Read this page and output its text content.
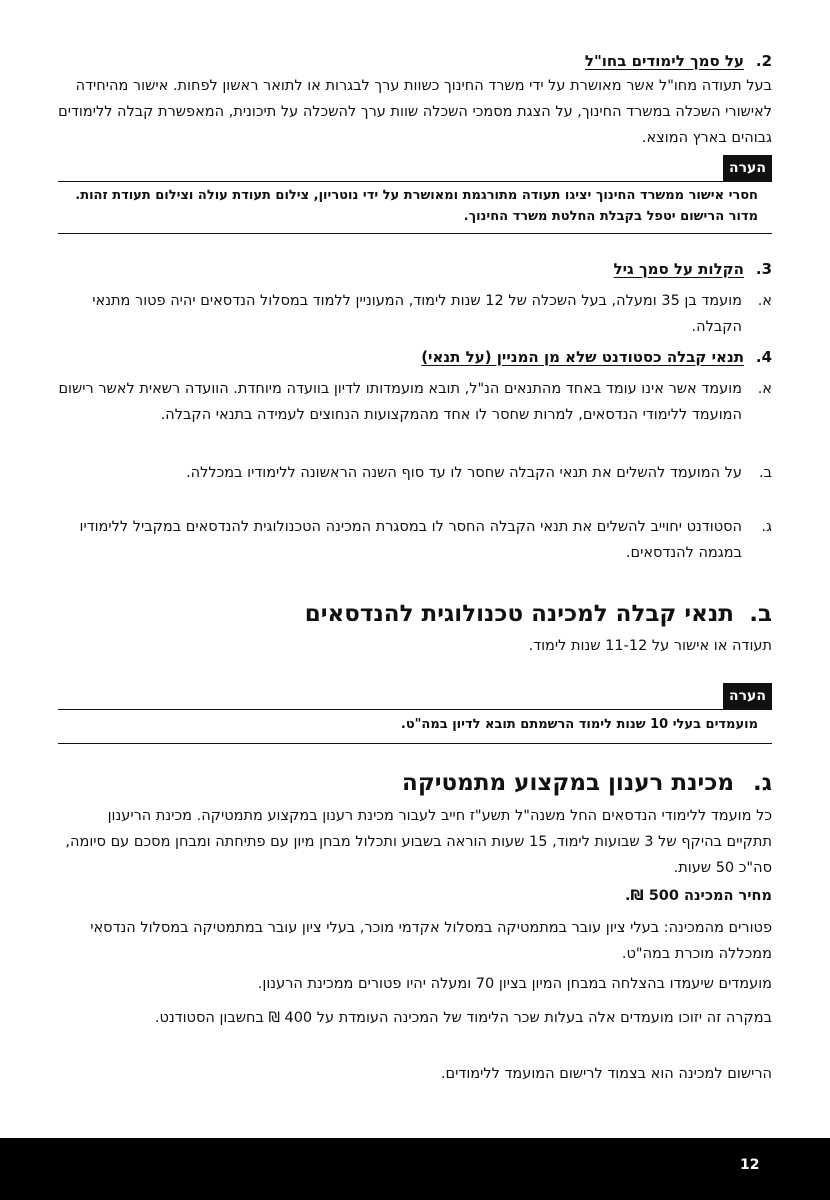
2.על סמך לימודים בחו"ל

בעל תעודה מחו"ל אשר מאושרת על ידי משרד החינוך כשוות ערך לבגרות או לתואר ראשון לפחות. אישור מהיחידה לאישורי השכלה במשרד החינוך, על הצגת מסמכי השכלה שוות ערך להשכלה על תיכונית, המאפשרת קבלה ללימודים גבוהים בארץ המוצא.

הערה

חסרי אישור ממשרד החינוך יציגו תעודה מתורגמת ומאושרת על ידי נוטריון, צילום תעודת עולה וצילום תעודת זהות. מדור הרישום יטפל בקבלת החלטת משרד החינוך.

3.הקלות על סמך גיל
א.
מועמד בן 35 ומעלה, בעל השכלה של 12 שנות לימוד, המעוניין ללמוד במסלול הנדסאים יהיה פטור מתנאי הקבלה.
4.תנאי קבלה כסטודנט שלא מן המניין (על תנאי)
א.
מועמד אשר אינו עומד באחד מהתנאים הנ"ל, תובא מועמדותו לדיון בוועדה מיוחדת. הוועדה רשאית לאשר רישום המועמד ללימודי הנדסאים, למרות שחסר לו אחד מהמקצועות הנחוצים לעמידה בתנאי הקבלה.
ב.
על המועמד להשלים את תנאי הקבלה שחסר לו עד סוף השנה הראשונה ללימודיו במכללה.
ג.
הסטודנט יחוייב להשלים את תנאי הקבלה החסר לו במסגרת המכינה הטכנולוגית להנדסאים במקביל ללימודיו במגמה להנדסאים.
ב.תנאי קבלה למכינה טכנולוגית להנדסאים

תעודה או אישור על 11-12 שנות לימוד.

הערה

מועמדים בעלי 10 שנות לימוד הרשמתם תובא לדיון במה"ט.

ג.מכינת רענון במקצוע מתמטיקה

כל מועמד ללימודי הנדסאים החל משנה"ל תשע"ז חייב לעבור מכינת רענון במקצוע מתמטיקה. מכינת הריענון תתקיים בהיקף של 3 שבועות לימוד, 15 שעות הוראה בשבוע ותכלול מבחן מיון עם פתיחתה ומבחן מסכם עם סיומה, סה"כ 50 שעות.

מחיר המכינה 500 ₪.

פטורים מהמכינה: בעלי ציון עובר במתמטיקה במסלול אקדמי מוכר, בעלי ציון עובר במתמטיקה במסלול הנדסאי ממכללה מוכרת במה"ט.

מועמדים שיעמדו בהצלחה במבחן המיון בציון 70 ומעלה יהיו פטורים ממכינת הרענון.

במקרה זה יזוכו מועמדים אלה בעלות שכר הלימוד של המכינה העומדת על 400 ₪ בחשבון הסטודנט.

הרישום למכינה הוא בצמוד לרישום המועמד ללימודים.

12
